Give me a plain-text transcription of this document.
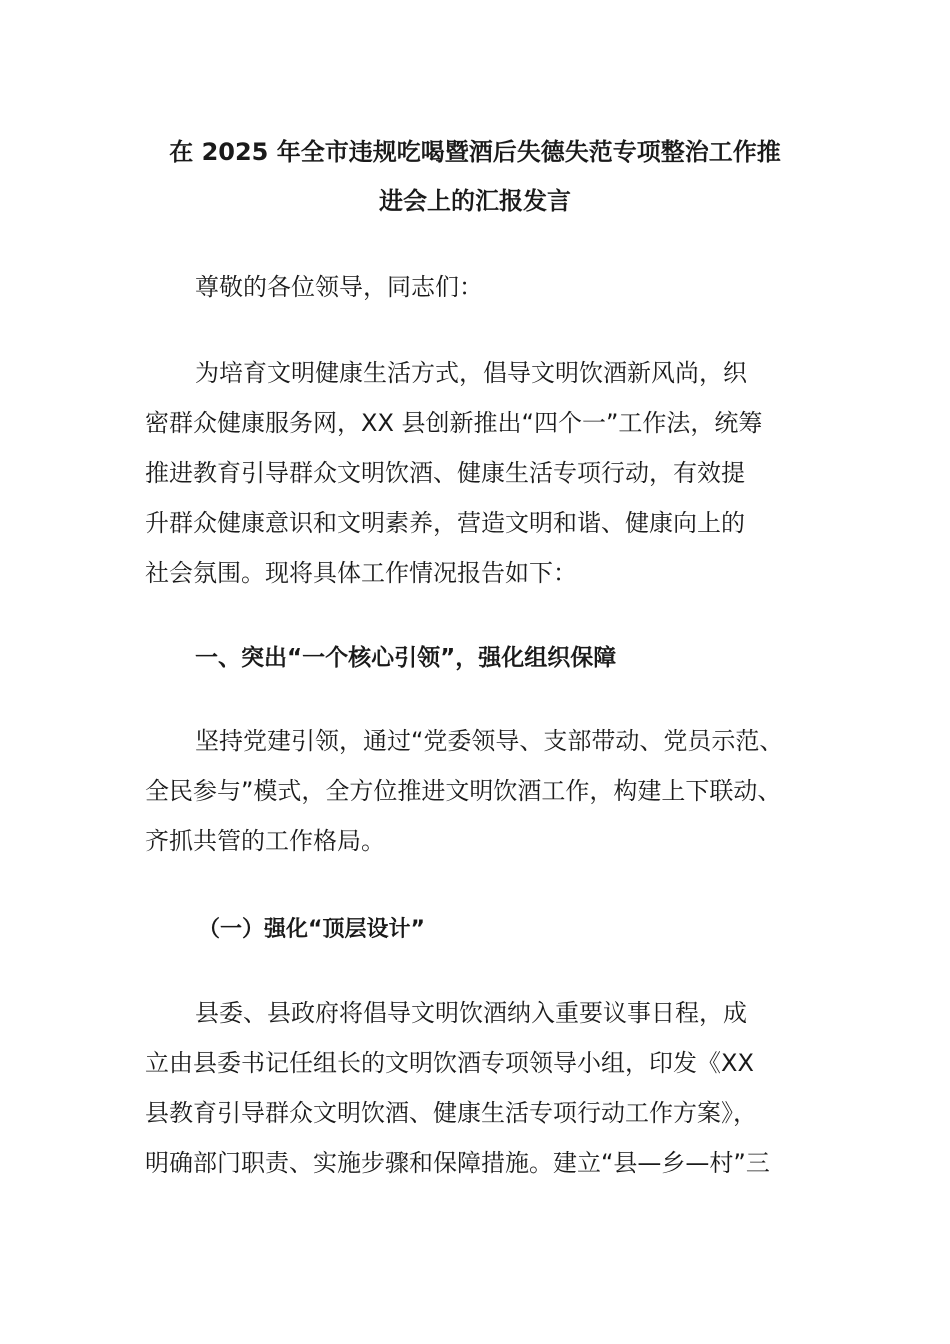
在 2025 年全市违规吃喝暨酒后失德失范专项整治工作推
进会上的汇报发言
尊敬的各位领导，同志们：
为培育文明健康生活方式，倡导文明饮酒新风尚，织
密群众健康服务网，XX 县创新推出“四个一”工作法，统筹
推进教育引导群众文明饮酒、健康生活专项行动，有效提
升群众健康意识和文明素养，营造文明和谐、健康向上的
社会氛围。现将具体工作情况报告如下：
一、突出“一个核心引领”，强化组织保障
坚持党建引领，通过“党委领导、支部带动、党员示范、
全民参与”模式，全方位推进文明饮酒工作，构建上下联动、
齐抓共管的工作格局。
（一）强化“顶层设计”
县委、县政府将倡导文明饮酒纳入重要议事日程，成
立由县委书记任组长的文明饮酒专项领导小组，印发《XX
县教育引导群众文明饮酒、健康生活专项行动工作方案》，
明确部门职责、实施步骤和保障措施。建立“县—乡—村”三
